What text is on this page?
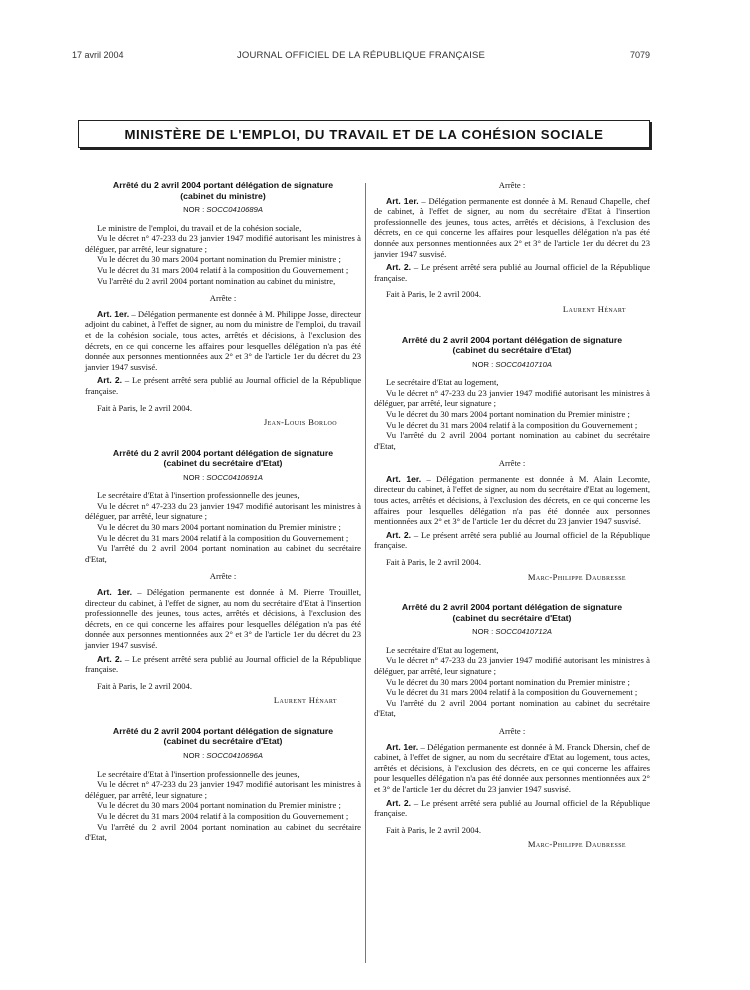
17 avril 2004	JOURNAL OFFICIEL DE LA RÉPUBLIQUE FRANÇAISE	7079
MINISTÈRE DE L'EMPLOI, DU TRAVAIL ET DE LA COHÉSION SOCIALE
Arrêté du 2 avril 2004 portant délégation de signature
(cabinet du ministre)
NOR : SOCC0410689A

Le ministre de l'emploi, du travail et de la cohésion sociale,

Vu le décret n° 47-233 du 23 janvier 1947 modifié autorisant les ministres à déléguer, par arrêté, leur signature ;

Vu le décret du 30 mars 2004 portant nomination du Premier ministre ;

Vu le décret du 31 mars 2004 relatif à la composition du Gouvernement ;

Vu l'arrêté du 2 avril 2004 portant nomination au cabinet du ministre,

Arrête :

Art. 1er. – Délégation permanente est donnée à M. Philippe Josse, directeur adjoint du cabinet, à l'effet de signer, au nom du ministre de l'emploi, du travail et de la cohésion sociale, tous actes, arrêtés et décisions, à l'exclusion des décrets, en ce qui concerne les affaires pour lesquelles délégation n'a pas été donnée aux personnes mentionnées aux 2° et 3° de l'article 1er du décret du 23 janvier 1947 susvisé.

Art. 2. – Le présent arrêté sera publié au Journal officiel de la République française.

Fait à Paris, le 2 avril 2004.

Jean-Louis Borloo
Arrêté du 2 avril 2004 portant délégation de signature
(cabinet du secrétaire d'Etat)
NOR : SOCC0410691A

Le secrétaire d'Etat à l'insertion professionnelle des jeunes,

Vu le décret n° 47-233 du 23 janvier 1947 modifié autorisant les ministres à déléguer, par arrêté, leur signature ;

Vu le décret du 30 mars 2004 portant nomination du Premier ministre ;

Vu le décret du 31 mars 2004 relatif à la composition du Gouvernement ;

Vu l'arrêté du 2 avril 2004 portant nomination au cabinet du secrétaire d'Etat,

Arrête :

Art. 1er. – Délégation permanente est donnée à M. Pierre Trouillet, directeur du cabinet, à l'effet de signer, au nom du secrétaire d'Etat à l'insertion professionnelle des jeunes, tous actes, arrêtés et décisions, à l'exclusion des décrets, en ce qui concerne les affaires pour lesquelles délégation n'a pas été donnée aux personnes mentionnées aux 2° et 3° de l'article 1er du décret du 23 janvier 1947 susvisé.

Art. 2. – Le présent arrêté sera publié au Journal officiel de la République française.

Fait à Paris, le 2 avril 2004.

Laurent Hénart
Arrêté du 2 avril 2004 portant délégation de signature
(cabinet du secrétaire d'Etat)
NOR : SOCC0410696A

Le secrétaire d'Etat à l'insertion professionnelle des jeunes,

Vu le décret n° 47-233 du 23 janvier 1947 modifié autorisant les ministres à déléguer, par arrêté, leur signature ;

Vu le décret du 30 mars 2004 portant nomination du Premier ministre ;

Vu le décret du 31 mars 2004 relatif à la composition du Gouvernement ;

Vu l'arrêté du 2 avril 2004 portant nomination au cabinet du secrétaire d'Etat,

Arrête :

Art. 1er. – Délégation permanente est donnée à M. Renaud Chapelle, chef de cabinet, à l'effet de signer, au nom du secrétaire d'Etat à l'insertion professionnelle des jeunes, tous actes, arrêtés et décisions, à l'exclusion des décrets, en ce qui concerne les affaires pour lesquelles délégation n'a pas été donnée aux personnes mentionnées aux 2° et 3° de l'article 1er du décret du 23 janvier 1947 susvisé.

Art. 2. – Le présent arrêté sera publié au Journal officiel de la République française.

Fait à Paris, le 2 avril 2004.

Laurent Hénart
Arrêté du 2 avril 2004 portant délégation de signature
(cabinet du secrétaire d'Etat)
NOR : SOCC0410710A

Le secrétaire d'Etat au logement,

Vu le décret n° 47-233 du 23 janvier 1947 modifié autorisant les ministres à déléguer, par arrêté, leur signature ;

Vu le décret du 30 mars 2004 portant nomination du Premier ministre ;

Vu le décret du 31 mars 2004 relatif à la composition du Gouvernement ;

Vu l'arrêté du 2 avril 2004 portant nomination au cabinet du secrétaire d'Etat,

Arrête :

Art. 1er. – Délégation permanente est donnée à M. Alain Lecomte, directeur du cabinet, à l'effet de signer, au nom du secrétaire d'Etat au logement, tous actes, arrêtés et décisions, à l'exclusion des décrets, en ce qui concerne les affaires pour lesquelles délégation n'a pas été donnée aux personnes mentionnées aux 2° et 3° de l'article 1er du décret du 23 janvier 1947 susvisé.

Art. 2. – Le présent arrêté sera publié au Journal officiel de la République française.

Fait à Paris, le 2 avril 2004.

Marc-Philippe Daubresse
Arrêté du 2 avril 2004 portant délégation de signature
(cabinet du secrétaire d'Etat)
NOR : SOCC0410712A

Le secrétaire d'Etat au logement,

Vu le décret n° 47-233 du 23 janvier 1947 modifié autorisant les ministres à déléguer, par arrêté, leur signature ;

Vu le décret du 30 mars 2004 portant nomination du Premier ministre ;

Vu le décret du 31 mars 2004 relatif à la composition du Gouvernement ;

Vu l'arrêté du 2 avril 2004 portant nomination au cabinet du secrétaire d'Etat,

Arrête :

Art. 1er. – Délégation permanente est donnée à M. Franck Dhersin, chef de cabinet, à l'effet de signer, au nom du secrétaire d'Etat au logement, tous actes, arrêtés et décisions, à l'exclusion des décrets, en ce qui concerne les affaires pour lesquelles délégation n'a pas été donnée aux personnes mentionnées aux 2° et 3° de l'article 1er du décret du 23 janvier 1947 susvisé.

Art. 2. – Le présent arrêté sera publié au Journal officiel de la République française.

Fait à Paris, le 2 avril 2004.

Marc-Philippe Daubresse
